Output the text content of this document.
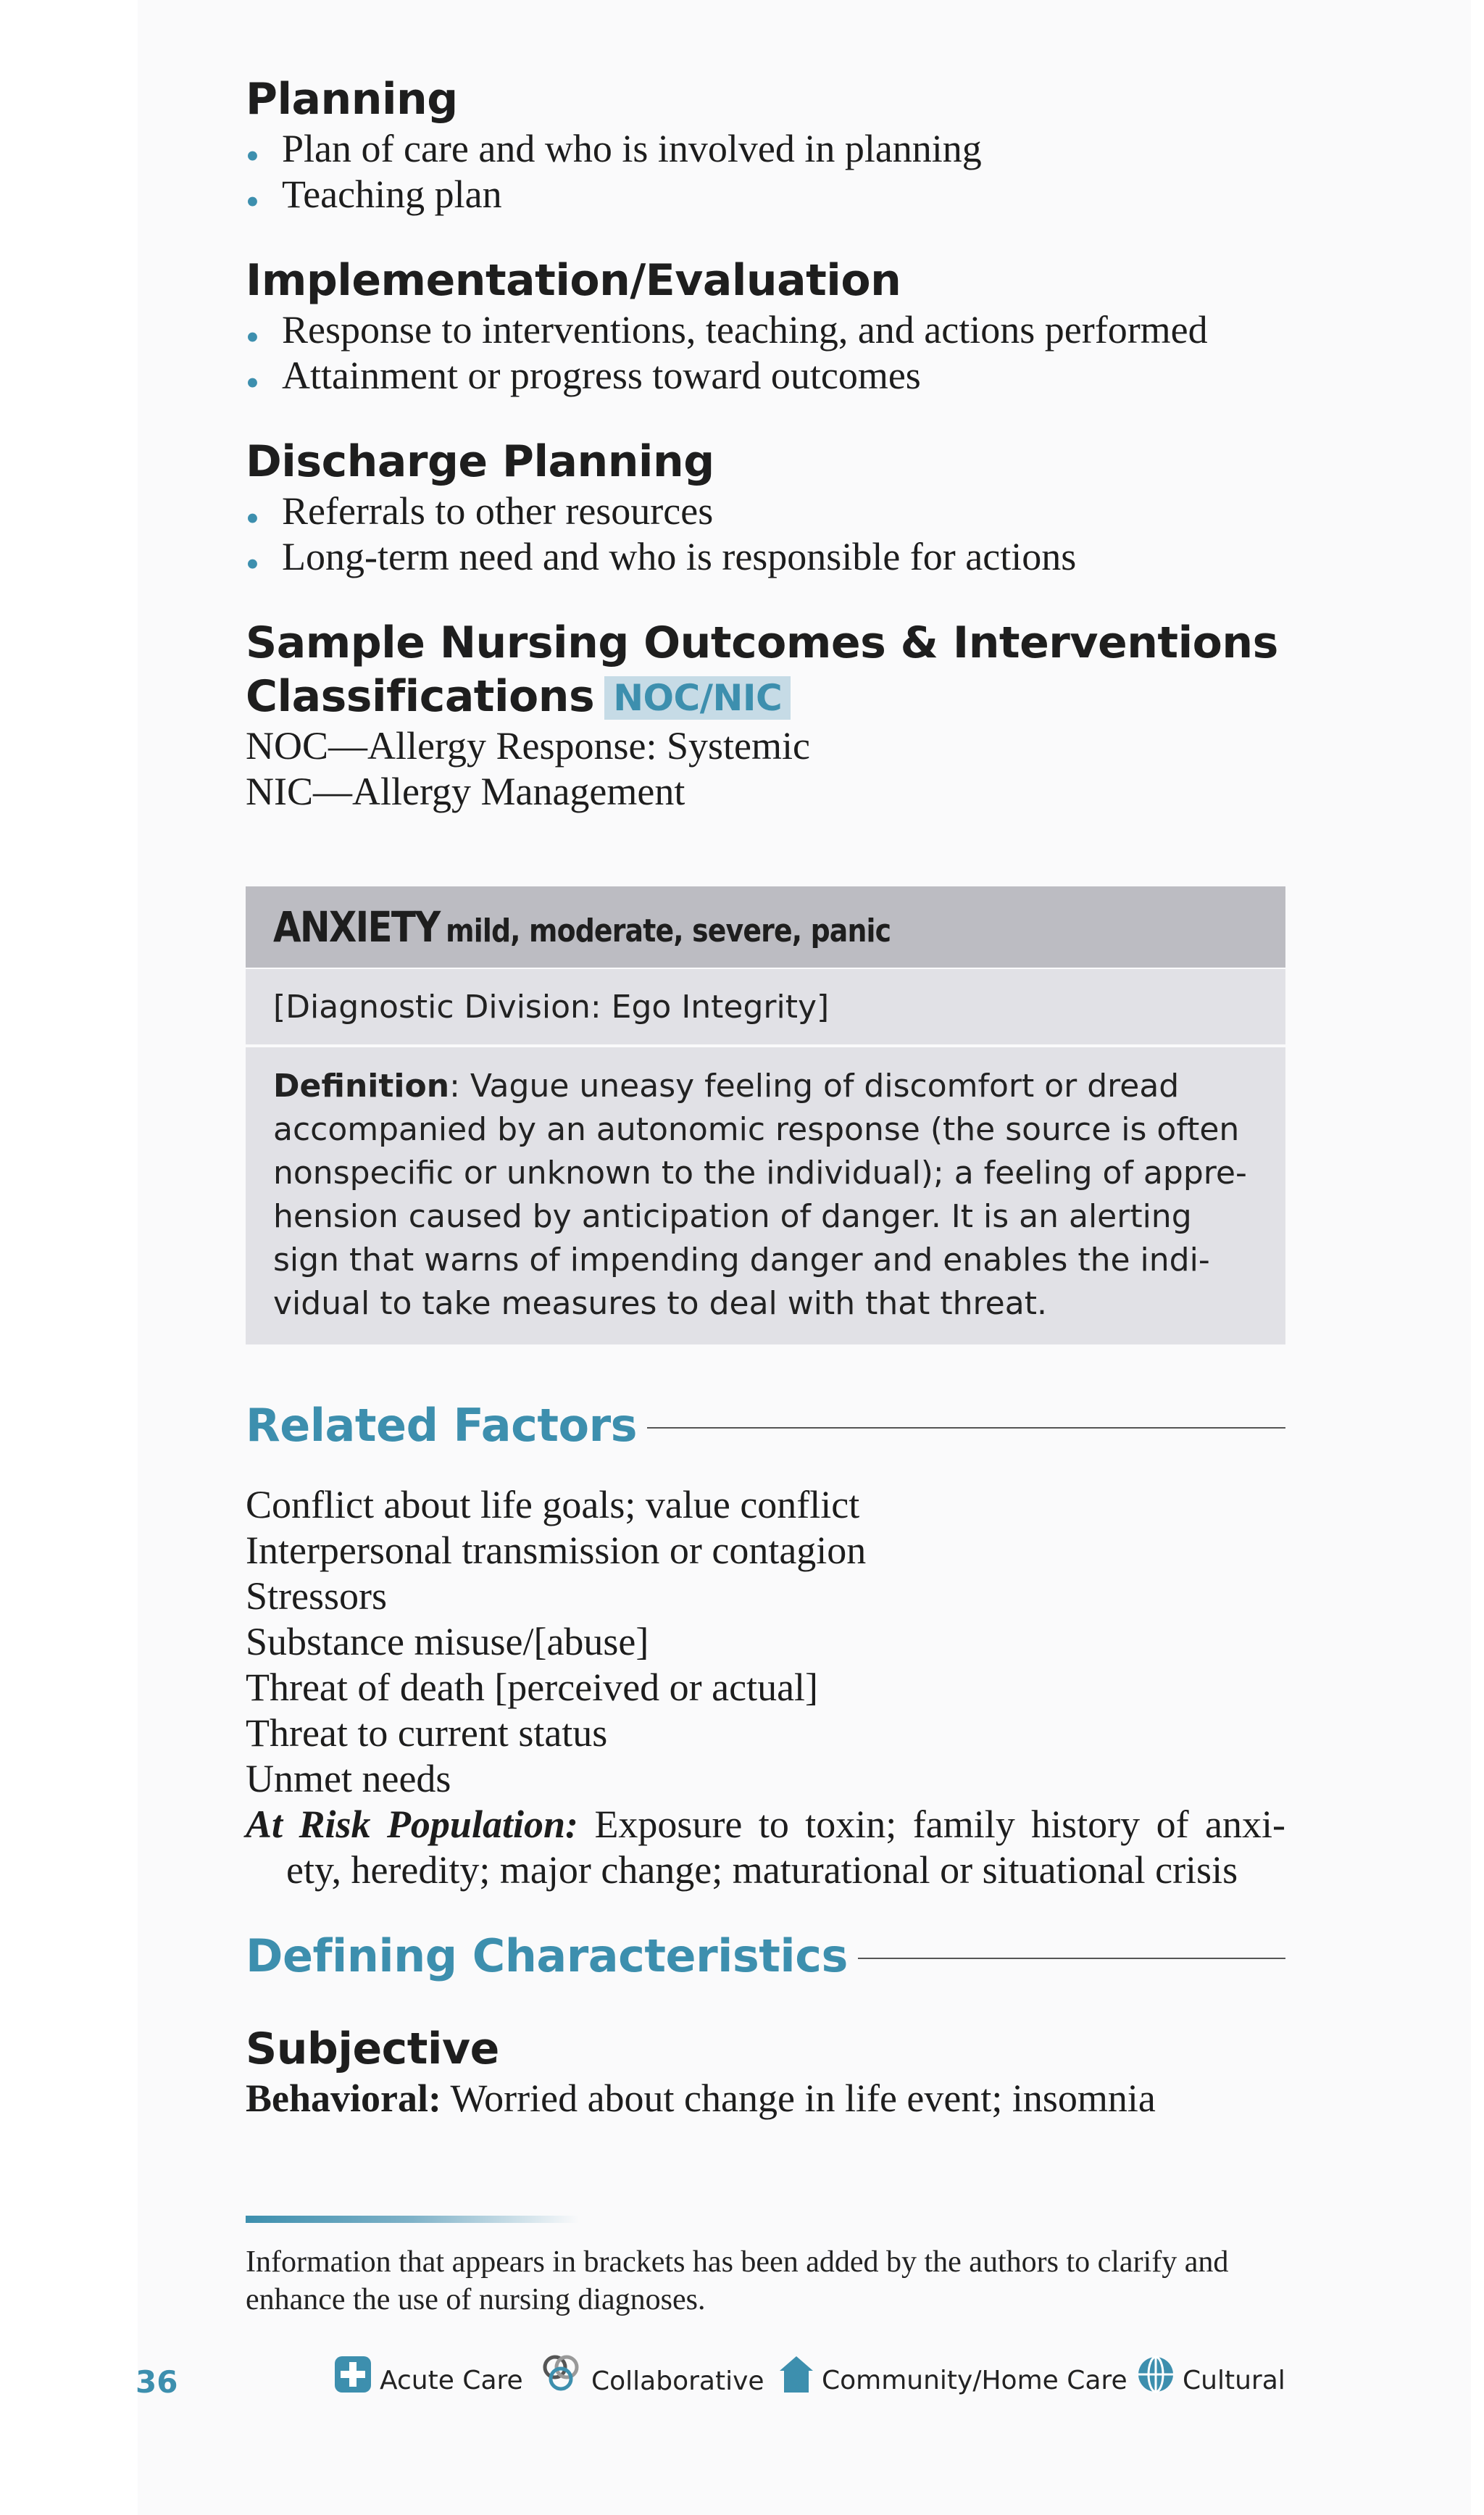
Planning
• Plan of care and who is involved in planning
• Teaching plan
Implementation/Evaluation
• Response to interventions, teaching, and actions performed
• Attainment or progress toward outcomes
Discharge Planning
• Referrals to other resources
• Long-term need and who is responsible for actions
Sample Nursing Outcomes & Interventions
Classifications NOC/NIC
NOC—Allergy Response: Systemic
NIC—Allergy Management
ANXIETY mild, moderate, severe, panic
[Diagnostic Division: Ego Integrity]
Definition: Vague uneasy feeling of discomfort or dread accompanied by an autonomic response (the source is often nonspecific or unknown to the individual); a feeling of appre- hension caused by anticipation of danger. It is an alerting sign that warns of impending danger and enables the indi- vidual to take measures to deal with that threat.
Related Factors
Conflict about life goals; value conflict
Interpersonal transmission or contagion
Stressors
Substance misuse/[abuse]
Threat of death [perceived or actual]
Threat to current status
Unmet needs
At Risk Population: Exposure to toxin; family history of anxi- ety, heredity; major change; maturational or situational crisis
Defining Characteristics
Subjective
Behavioral: Worried about change in life event; insomnia
Information that appears in brackets has been added by the authors to clarify and enhance the use of nursing diagnoses.
36	Acute Care	Collaborative Community/Home Care Cultural
